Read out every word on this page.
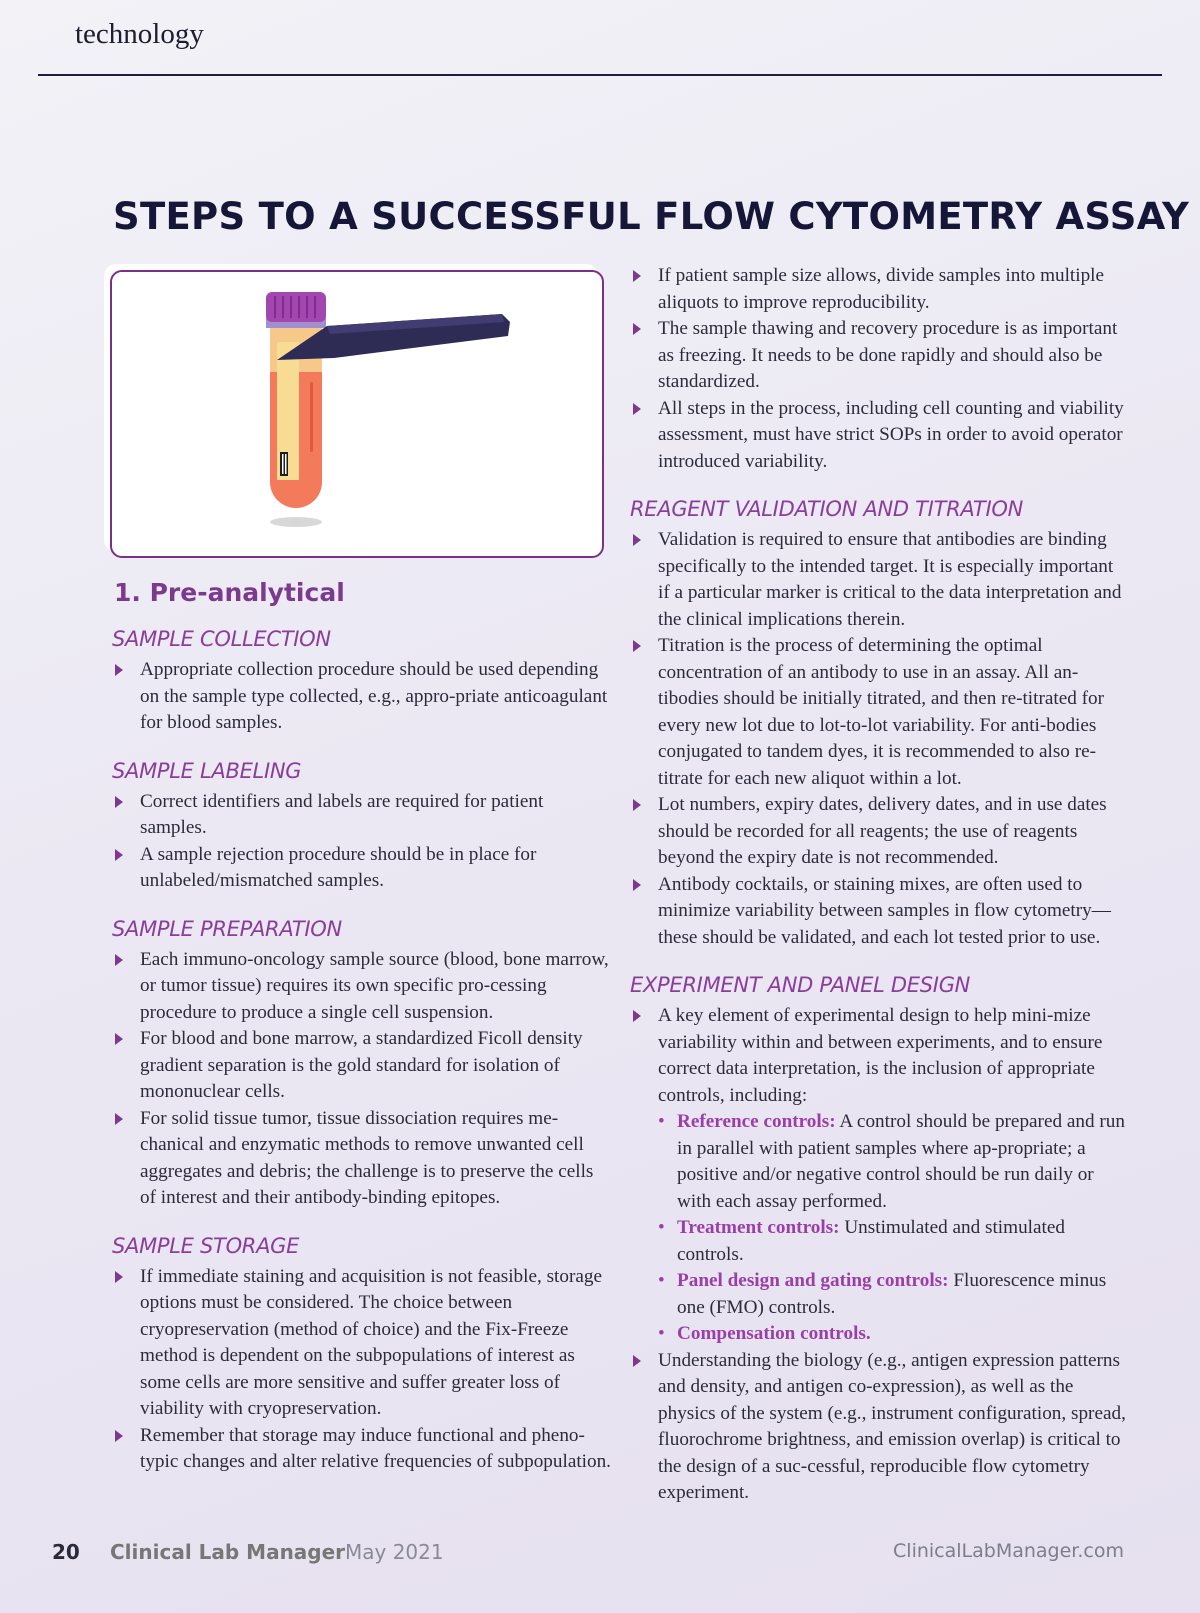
technology
STEPS TO A SUCCESSFUL FLOW CYTOMETRY ASSAY
1. Pre-analytical
SAMPLE COLLECTION
Appropriate collection procedure should be used depending on the sample type collected, e.g., appro-priate anticoagulant for blood samples.
SAMPLE LABELING
Correct identifiers and labels are required for patient samples.
A sample rejection procedure should be in place for unlabeled/mismatched samples.
SAMPLE PREPARATION
Each immuno-oncology sample source (blood, bone marrow, or tumor tissue) requires its own specific pro-cessing procedure to produce a single cell suspension.
For blood and bone marrow, a standardized Ficoll density gradient separation is the gold standard for isolation of mononuclear cells.
For solid tissue tumor, tissue dissociation requires me-chanical and enzymatic methods to remove unwanted cell aggregates and debris; the challenge is to preserve the cells of interest and their antibody-binding epitopes.
SAMPLE STORAGE
If immediate staining and acquisition is not feasible, storage options must be considered. The choice between cryopreservation (method of choice) and the Fix-Freeze method is dependent on the subpopulations of interest as some cells are more sensitive and suffer greater loss of viability with cryopreservation.
Remember that storage may induce functional and pheno-typic changes and alter relative frequencies of subpopulation.
If patient sample size allows, divide samples into multiple aliquots to improve reproducibility.
The sample thawing and recovery procedure is as important as freezing. It needs to be done rapidly and should also be standardized.
All steps in the process, including cell counting and viability assessment, must have strict SOPs in order to avoid operator introduced variability.
REAGENT VALIDATION AND TITRATION
Validation is required to ensure that antibodies are binding specifically to the intended target. It is especially important if a particular marker is critical to the data interpretation and the clinical implications therein.
Titration is the process of determining the optimal concentration of an antibody to use in an assay. All an-tibodies should be initially titrated, and then re-titrated for every new lot due to lot-to-lot variability. For anti-bodies conjugated to tandem dyes, it is recommended to also re-titrate for each new aliquot within a lot.
Lot numbers, expiry dates, delivery dates, and in use dates should be recorded for all reagents; the use of reagents beyond the expiry date is not recommended.
Antibody cocktails, or staining mixes, are often used to minimize variability between samples in flow cytometry—these should be validated, and each lot tested prior to use.
EXPERIMENT AND PANEL DESIGN
A key element of experimental design to help mini-mize variability within and between experiments, and to ensure correct data interpretation, is the inclusion of appropriate controls, including:
• Reference controls: A control should be prepared and run in parallel with patient samples where ap-propriate; a positive and/or negative control should be run daily or with each assay performed.
• Treatment controls: Unstimulated and stimulated controls.
• Panel design and gating controls: Fluorescence minus one (FMO) controls.
• Compensation controls.
Understanding the biology (e.g., antigen expression patterns and density, and antigen co-expression), as well as the physics of the system (e.g., instrument configuration, spread, fluorochrome brightness, and emission overlap) is critical to the design of a suc-cessful, reproducible flow cytometry experiment.
20 Clinical Lab Manager May 2021	ClinicalLabManager.com
